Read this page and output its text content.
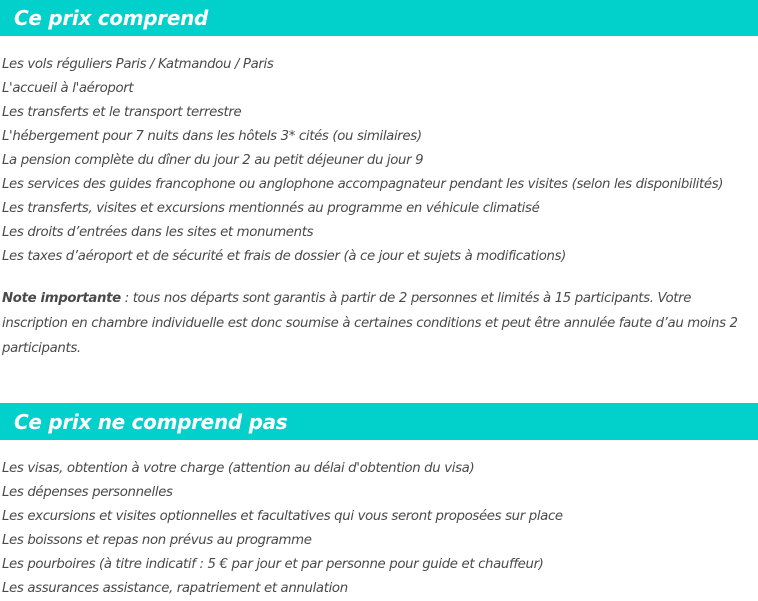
Ce prix comprend
Les vols réguliers Paris / Katmandou / Paris
L'accueil à l'aéroport
Les transferts et le transport terrestre
L'hébergement pour 7 nuits dans les hôtels 3* cités (ou similaires)
La pension complète du dîner du jour 2 au petit déjeuner du jour 9
Les services des guides francophone ou anglophone accompagnateur pendant les visites (selon les disponibilités)
Les transferts, visites et excursions mentionnés au programme en véhicule climatisé
Les droits d’entrées dans les sites et monuments
Les taxes d’aéroport et de sécurité et frais de dossier (à ce jour et sujets à modifications)

Note importante : tous nos départs sont garantis à partir de 2 personnes et limités à 15 participants. Votre inscription en chambre individuelle est donc soumise à certaines conditions et peut être annulée faute d’au moins 2 participants.

Ce prix ne comprend pas
Les visas, obtention à votre charge (attention au délai d'obtention du visa)
Les dépenses personnelles
Les excursions et visites optionnelles et facultatives qui vous seront proposées sur place
Les boissons et repas non prévus au programme
Les pourboires (à titre indicatif : 5 € par jour et par personne pour guide et chauffeur)
Les assurances assistance, rapatriement et annulation
